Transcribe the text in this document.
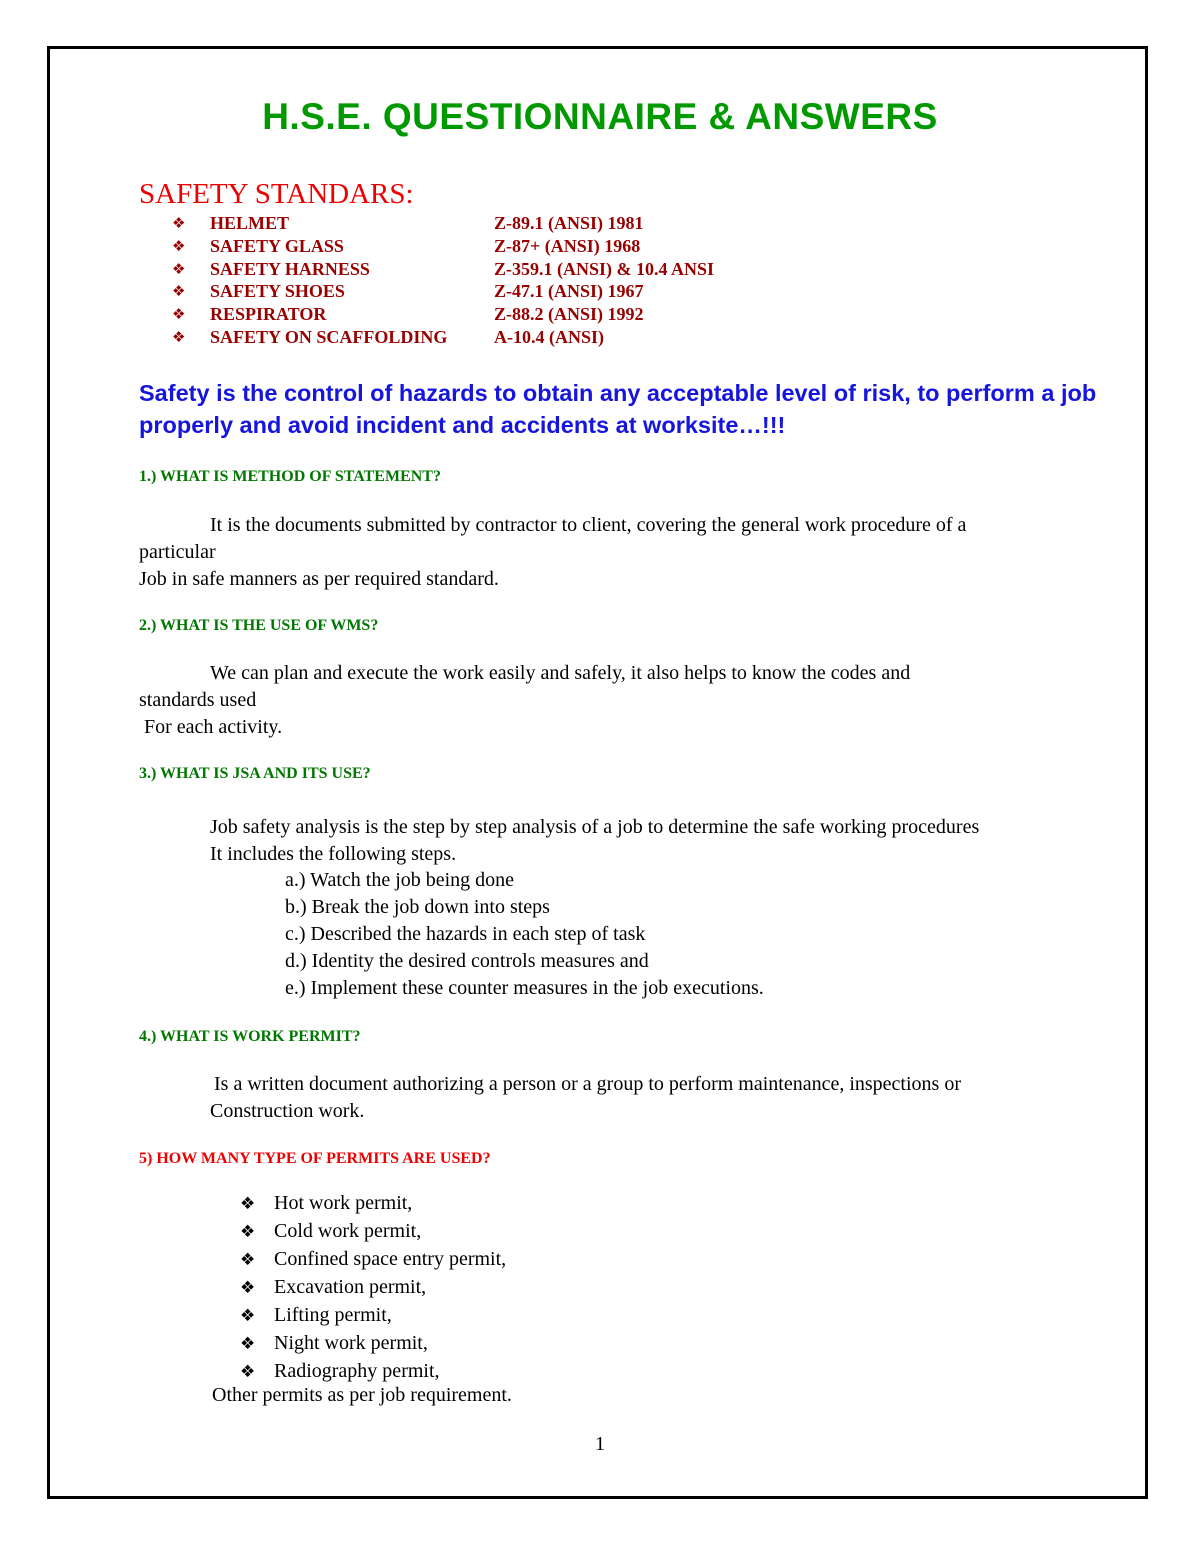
H.S.E. QUESTIONNAIRE & ANSWERS
SAFETY STANDARS:
❖	HELMET	Z-89.1 (ANSI) 1981
❖	SAFETY GLASS	Z-87+ (ANSI) 1968
❖	SAFETY HARNESS	Z-359.1 (ANSI) & 10.4 ANSI
❖	SAFETY SHOES	Z-47.1 (ANSI) 1967
❖	RESPIRATOR	Z-88.2 (ANSI) 1992
❖	SAFETY ON SCAFFOLDING	A-10.4 (ANSI)
Safety is the control of hazards to obtain any acceptable level of risk, to perform a job properly and avoid incident and accidents at worksite…!!!
1.) WHAT IS METHOD OF STATEMENT?
It is the documents submitted by contractor to client, covering the general work procedure of a
particular
Job in safe manners as per required standard.
2.) WHAT IS THE USE OF WMS?
We can plan and execute the work easily and safely, it also helps to know the codes and
standards used
For each activity.
3.) WHAT IS JSA AND ITS USE?
Job safety analysis is the step by step analysis of a job to determine the safe working procedures
It includes the following steps.
a.) Watch the job being done
b.) Break the job down into steps
c.) Described the hazards in each step of task
d.) Identity the desired controls measures and
e.) Implement these counter measures in the job executions.
4.) WHAT IS WORK PERMIT?
Is a written document authorizing a person or a group to perform maintenance, inspections or
Construction work.
5) HOW MANY TYPE OF PERMITS ARE USED?
❖ Hot work permit,
❖ Cold work permit,
❖ Confined space entry permit,
❖ Excavation permit,
❖ Lifting permit,
❖ Night work permit,
❖ Radiography permit,
Other permits as per job requirement.
1
